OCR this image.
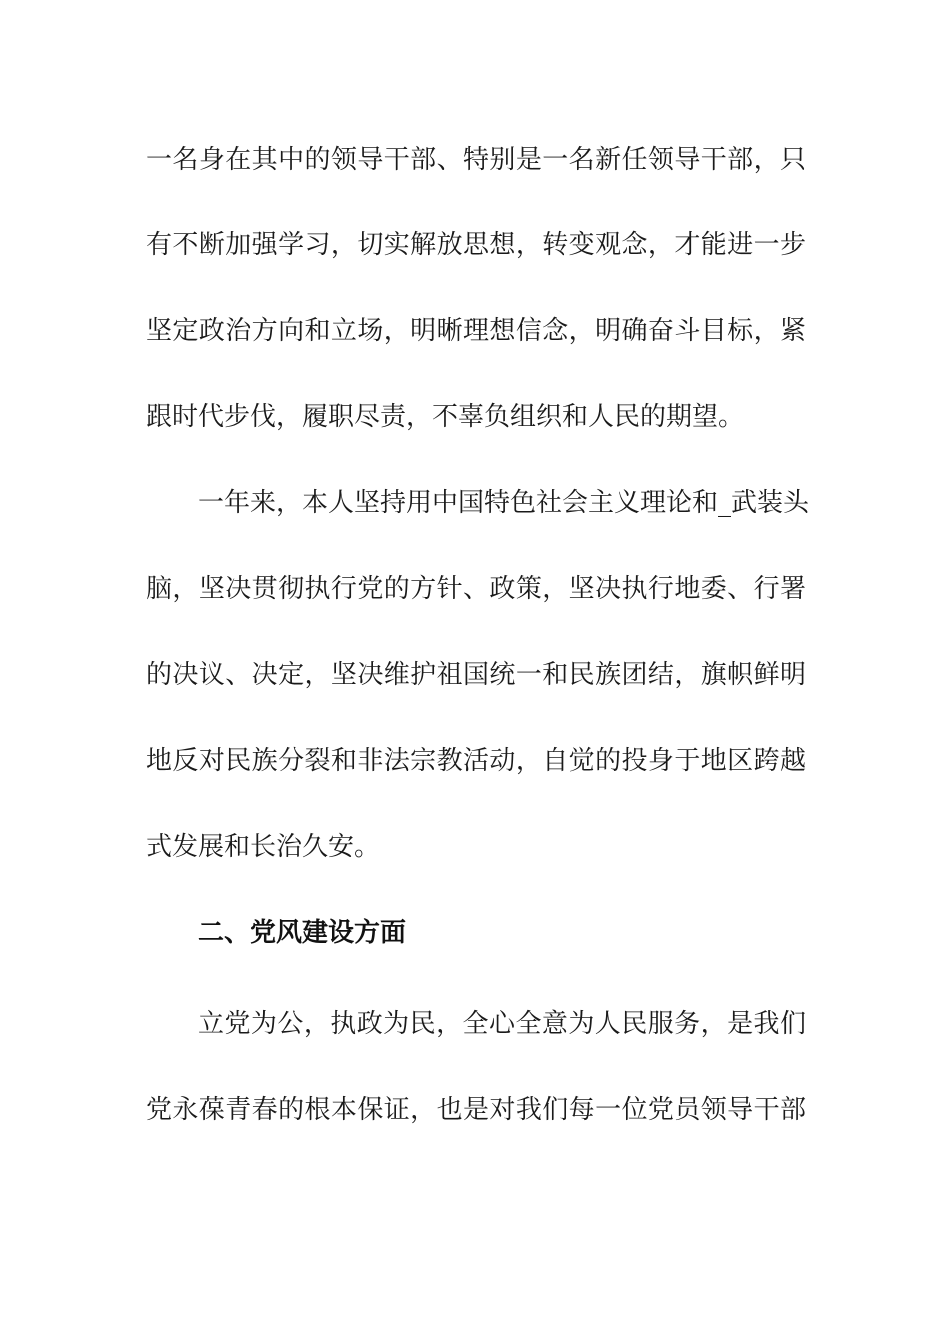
一名身在其中的领导干部、特别是一名新任领导干部，只
有不断加强学习，切实解放思想，转变观念，才能进一步
坚定政治方向和立场，明晰理想信念，明确奋斗目标，紧
跟时代步伐，履职尽责，不辜负组织和人民的期望。
一年来，本人坚持用中国特色社会主义理论和_武装头
脑，坚决贯彻执行党的方针、政策，坚决执行地委、行署
的决议、决定，坚决维护祖国统一和民族团结，旗帜鲜明
地反对民族分裂和非法宗教活动，自觉的投身于地区跨越
式发展和长治久安。
二、党风建设方面
立党为公，执政为民，全心全意为人民服务，是我们
党永葆青春的根本保证，也是对我们每一位党员领导干部
